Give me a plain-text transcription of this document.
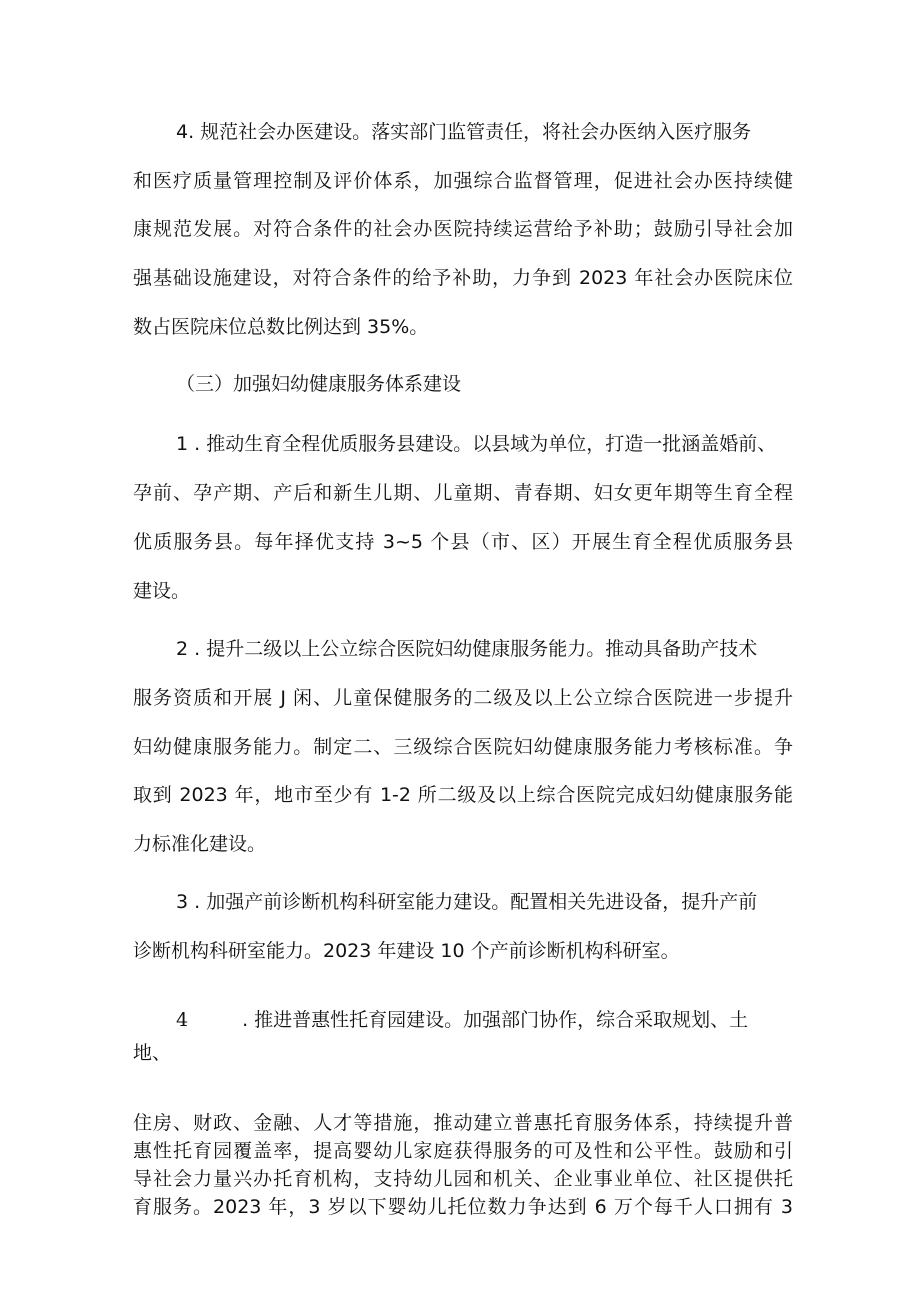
4. 规范社会办医建设。落实部门监管责任，将社会办医纳入医疗服务
和医疗质量管理控制及评价体系，加强综合监督管理，促进社会办医持续健
康规范发展。对符合条件的社会办医院持续运营给予补助；鼓励引导社会加
强基础设施建设，对符合条件的给予补助，力争到 2023 年社会办医院床位
数占医院床位总数比例达到 35%。
（三）加强妇幼健康服务体系建设
1 . 推动生育全程优质服务县建设。以县域为单位，打造一批涵盖婚前、
孕前、孕产期、产后和新生儿期、儿童期、青春期、妇女更年期等生育全程
优质服务县。每年择优支持 3~5 个县（市、区）开展生育全程优质服务县
建设。
2 . 提升二级以上公立综合医院妇幼健康服务能力。推动具备助产技术
服务资质和开展 J 闲、儿童保健服务的二级及以上公立综合医院进一步提升
妇幼健康服务能力。制定二、三级综合医院妇幼健康服务能力考核标准。争
取到 2023 年，地市至少有 1-2 所二级及以上综合医院完成妇幼健康服务能
力标准化建设。
3 . 加强产前诊断机构科研室能力建设。配置相关先进设备，提升产前
诊断机构科研室能力。2023 年建设 10 个产前诊断机构科研室。
4	. 推进普惠性托育园建设。加强部门协作，综合采取规划、土
地、
住房、财政、金融、人才等措施，推动建立普惠托育服务体系，持续提升普
惠性托育园覆盖率，提高婴幼儿家庭获得服务的可及性和公平性。鼓励和引
导社会力量兴办托育机构，支持幼儿园和机关、企业事业单位、社区提供托
育服务。2023 年，3 岁以下婴幼儿托位数力争达到 6 万个每千人口拥有 3
